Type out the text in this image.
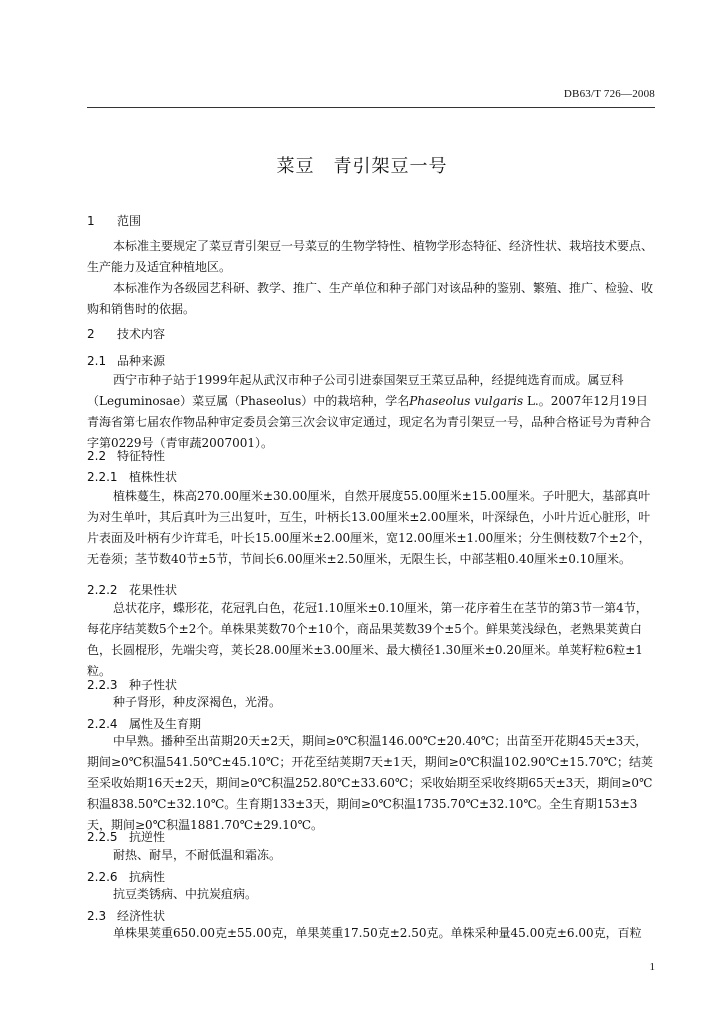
DB63/T 726—2008
菜豆　青引架豆一号
1 范围
本标准主要规定了菜豆青引架豆一号菜豆的生物学特性、植物学形态特征、经济性状、栽培技术要点、生产能力及适宜种植地区。
本标准作为各级园艺科研、教学、推广、生产单位和种子部门对该品种的鉴别、繁殖、推广、检验、收购和销售时的依据。
2 技术内容
2.1 品种来源
西宁市种子站于1999年起从武汉市种子公司引进泰国架豆王菜豆品种，经提纯选育而成。属豆科（Leguminosae）菜豆属（Phaseolus）中的栽培种，学名Phaseolus vulgaris L.。2007年12月19日青海省第七届农作物品种审定委员会第三次会议审定通过，现定名为青引架豆一号，品种合格证号为青种合字第0229号（青审蔬2007001）。
2.2 特征特性
2.2.1 植株性状
植株蔓生，株高270.00厘米±30.00厘米，自然开展度55.00厘米±15.00厘米。子叶肥大，基部真叶为对生单叶，其后真叶为三出复叶，互生，叶柄长13.00厘米±2.00厘米，叶深绿色，小叶片近心脏形，叶片表面及叶柄有少许茸毛，叶长15.00厘米±2.00厘米，宽12.00厘米±1.00厘米；分生侧枝数7个±2个，无卷须；茎节数40节±5节，节间长6.00厘米±2.50厘米，无限生长，中部茎粗0.40厘米±0.10厘米。
2.2.2 花果性状
总状花序，蝶形花，花冠乳白色，花冠1.10厘米±0.10厘米，第一花序着生在茎节的第3节一第4节，每花序结荚数5个±2个。单株果荚数70个±10个，商品果荚数39个±5个。鲜果荚浅绿色，老熟果荚黄白色，长圆棍形，先端尖弯，荚长28.00厘米±3.00厘米、最大横径1.30厘米±0.20厘米。单荚籽粒6粒±1粒。
2.2.3 种子性状
种子肾形，种皮深褐色，光滑。
2.2.4 属性及生育期
中早熟。播种至出苗期20天±2天，期间≥0℃积温146.00℃±20.40℃；出苗至开花期45天±3天，期间≥0℃积温541.50℃±45.10℃；开花至结荚期7天±1天，期间≥0℃积温102.90℃±15.70℃；结荚至采收始期16天±2天，期间≥0℃积温252.80℃±33.60℃；采收始期至采收终期65天±3天，期间≥0℃积温838.50℃±32.10℃。生育期133±3天，期间≥0℃积温1735.70℃±32.10℃。全生育期153±3天，期间≥0℃积温1881.70℃±29.10℃。
2.2.5 抗逆性
耐热、耐旱，不耐低温和霜冻。
2.2.6 抗病性
抗豆类锈病、中抗炭疽病。
2.3 经济性状
单株果荚重650.00克±55.00克，单果荚重17.50克±2.50克。单株采种量45.00克±6.00克，百粒
1
